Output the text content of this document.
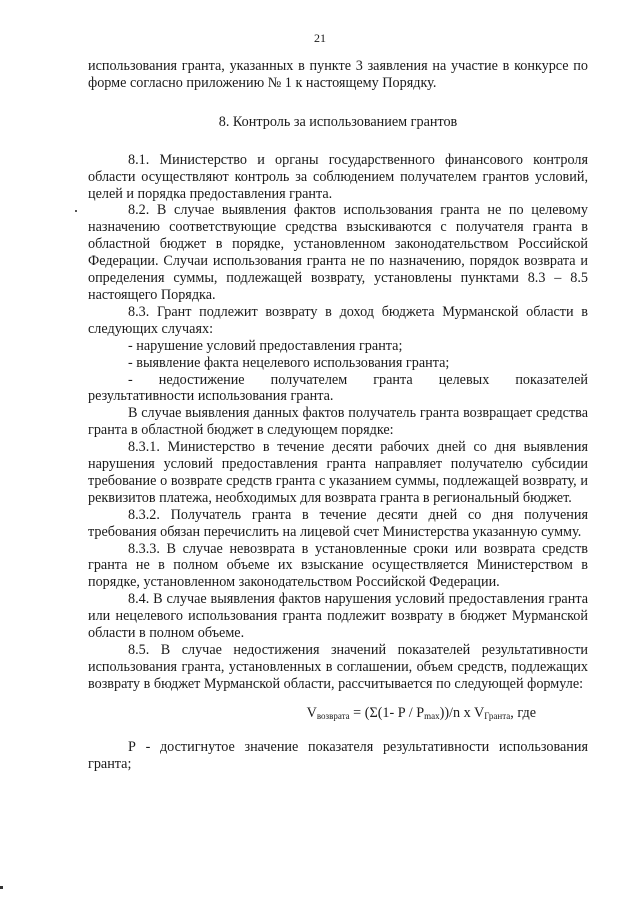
21

использования гранта, указанных в пункте 3 заявления на участие в конкурсе по форме согласно приложению № 1 к настоящему Порядку.

8. Контроль за использованием грантов

8.1. Министерство и органы государственного финансового контроля области осуществляют контроль за соблюдением получателем грантов условий, целей и порядка предоставления гранта.

8.2. В случае выявления фактов использования гранта не по целевому назначению соответствующие средства взыскиваются с получателя гранта в областной бюджет в порядке, установленном законодательством Российской Федерации. Случаи использования гранта не по назначению, порядок возврата и определения суммы, подлежащей возврату, установлены пунктами 8.3 – 8.5 настоящего Порядка.

8.3. Грант подлежит возврату в доход бюджета Мурманской области в следующих случаях:

- нарушение условий предоставления гранта;

- выявление факта нецелевого использования гранта;

- недостижение получателем гранта целевых показателей

результативности использования гранта.

В случае выявления данных фактов получатель гранта возвращает средства гранта в областной бюджет в следующем порядке:

8.3.1. Министерство в течение десяти рабочих дней со дня выявления нарушения условий предоставления гранта направляет получателю субсидии требование о возврате средств гранта с указанием суммы, подлежащей возврату, и реквизитов платежа, необходимых для возврата гранта в региональный бюджет.

8.3.2. Получатель гранта в течение десяти дней со дня получения требования обязан перечислить на лицевой счет Министерства указанную сумму.

8.3.3. В случае невозврата в установленные сроки или возврата средств гранта не в полном объеме их взыскание осуществляется Министерством в порядке, установленном законодательством Российской Федерации.

8.4. В случае выявления фактов нарушения условий предоставления гранта или нецелевого использования гранта подлежит возврату в бюджет Мурманской области в полном объеме.

8.5. В случае недостижения значений показателей результативности использования гранта, установленных в соглашении, объем средств, подлежащих возврату в бюджет Мурманской области, рассчитывается по следующей формуле:

$V_{возврата} = (\Sigma(1-$ P / $P_{max}))/n$ x $V_{Гранта}$, где

Р - достигнутое значение показателя результативности использования гранта;
